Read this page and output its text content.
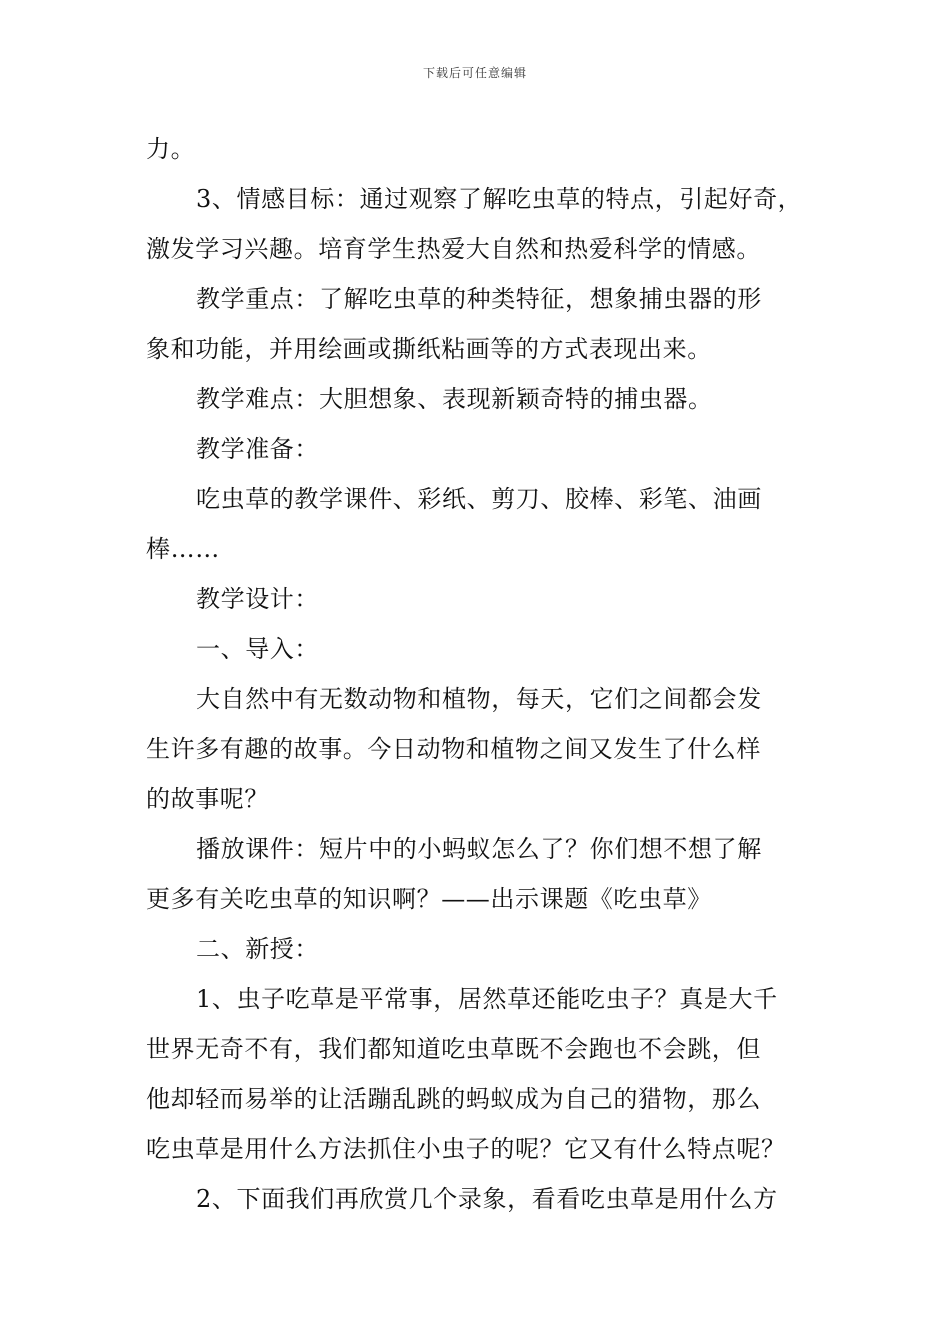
下载后可任意编辑
力。
3、情感目标：通过观察了解吃虫草的特点，引起好奇，
激发学习兴趣。培育学生热爱大自然和热爱科学的情感。
教学重点：了解吃虫草的种类特征，想象捕虫器的形
象和功能，并用绘画或撕纸粘画等的方式表现出来。
教学难点：大胆想象、表现新颖奇特的捕虫器。
教学准备：
吃虫草的教学课件、彩纸、剪刀、胶棒、彩笔、油画
棒……
教学设计：
一、导入：
大自然中有无数动物和植物，每天，它们之间都会发
生许多有趣的故事。今日动物和植物之间又发生了什么样
的故事呢？
播放课件：短片中的小蚂蚁怎么了？你们想不想了解
更多有关吃虫草的知识啊？——出示课题《吃虫草》
二、新授：
1、虫子吃草是平常事，居然草还能吃虫子？真是大千
世界无奇不有，我们都知道吃虫草既不会跑也不会跳，但
他却轻而易举的让活蹦乱跳的蚂蚁成为自己的猎物，那么
吃虫草是用什么方法抓住小虫子的呢？它又有什么特点呢？
2、下面我们再欣赏几个录象，看看吃虫草是用什么方
